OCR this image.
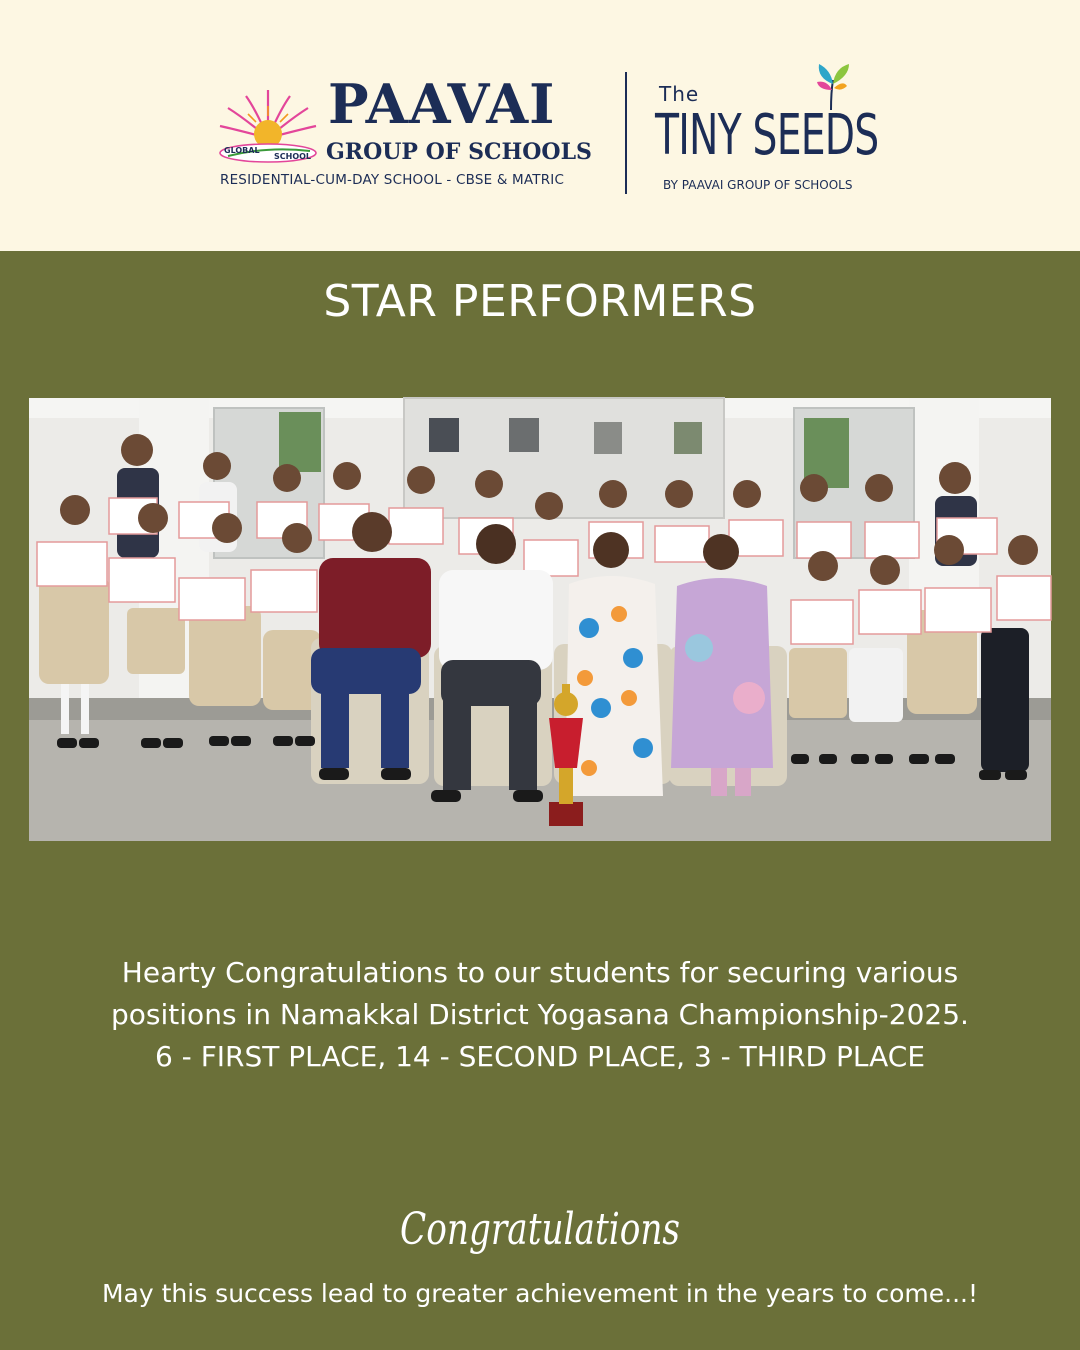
GLOBAL
SCHOOL
PAAVAI
GROUP OF SCHOOLS
RESIDENTIAL-CUM-DAY SCHOOL - CBSE & MATRIC
The
TINY SEEDS
BY PAAVAI GROUP OF SCHOOLS
STAR PERFORMERS
Hearty Congratulations to our students for securing various
positions in Namakkal District Yogasana Championship-2025.
6 - FIRST PLACE, 14 - SECOND PLACE, 3 - THIRD PLACE
Congratulations
May this success lead to greater achievement in the years to come...!
